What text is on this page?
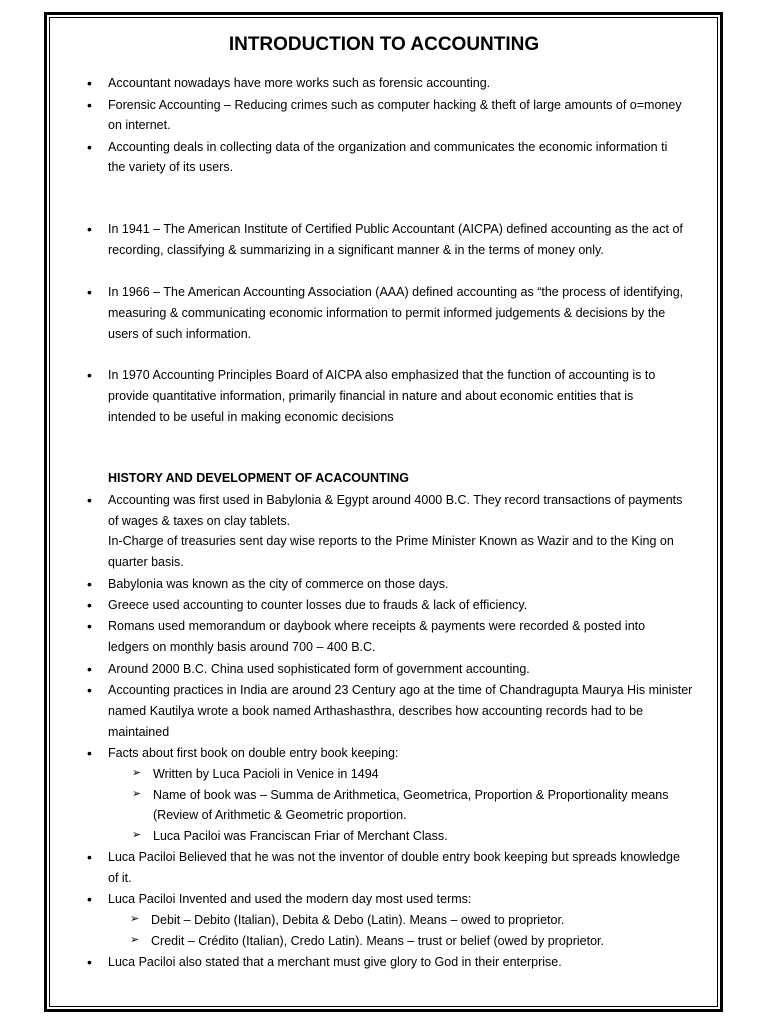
INTRODUCTION TO ACCOUNTING
• Accountant nowadays have more works such as forensic accounting.
• Forensic Accounting – Reducing crimes such as computer hacking & theft of large amounts of o=money
on internet.
• Accounting deals in collecting data of the organization and communicates the economic information ti
the variety of its users.
• In 1941 – The American Institute of Certified Public Accountant (AICPA) defined accounting as the act of
recording, classifying & summarizing in a significant manner & in the terms of money only.
• In 1966 – The American Accounting Association (AAA) defined accounting as “the process of identifying,
measuring & communicating economic information to permit informed judgements & decisions by the
users of such information.
• In 1970 Accounting Principles Board of AICPA also emphasized that the function of accounting is to
provide quantitative information, primarily financial in nature and about economic entities that is
intended to be useful in making economic decisions
HISTORY AND DEVELOPMENT OF ACACOUNTING
• Accounting was first used in Babylonia & Egypt around 4000 B.C. They record transactions of payments
of wages & taxes on clay tablets.
In-Charge of treasuries sent day wise reports to the Prime Minister Known as Wazir and to the King on
quarter basis.
• Babylonia was known as the city of commerce on those days.
• Greece used accounting to counter losses due to frauds & lack of efficiency.
• Romans used memorandum or daybook where receipts & payments were recorded & posted into
ledgers on monthly basis around 700 – 400 B.C.
• Around 2000 B.C. China used sophisticated form of government accounting.
• Accounting practices in India are around 23 Century ago at the time of Chandragupta Maurya His minister
named Kautilya wrote a book named Arthashasthra, describes how accounting records had to be
maintained
• Facts about first book on double entry book keeping:
➢ Written by Luca Pacioli in Venice in 1494
➢ Name of book was – Summa de Arithmetica, Geometrica, Proportion & Proportionality means
(Review of Arithmetic & Geometric proportion.
➢ Luca Paciloi was Franciscan Friar of Merchant Class.
• Luca Paciloi Believed that he was not the inventor of double entry book keeping but spreads knowledge
of it.
• Luca Paciloi Invented and used the modern day most used terms:
➢ Debit – Debito (Italian), Debita & Debo (Latin). Means – owed to proprietor.
➢ Credit – Crédito (Italian), Credo Latin). Means – trust or belief (owed by proprietor.
• Luca Paciloi also stated that a merchant must give glory to God in their enterprise.
